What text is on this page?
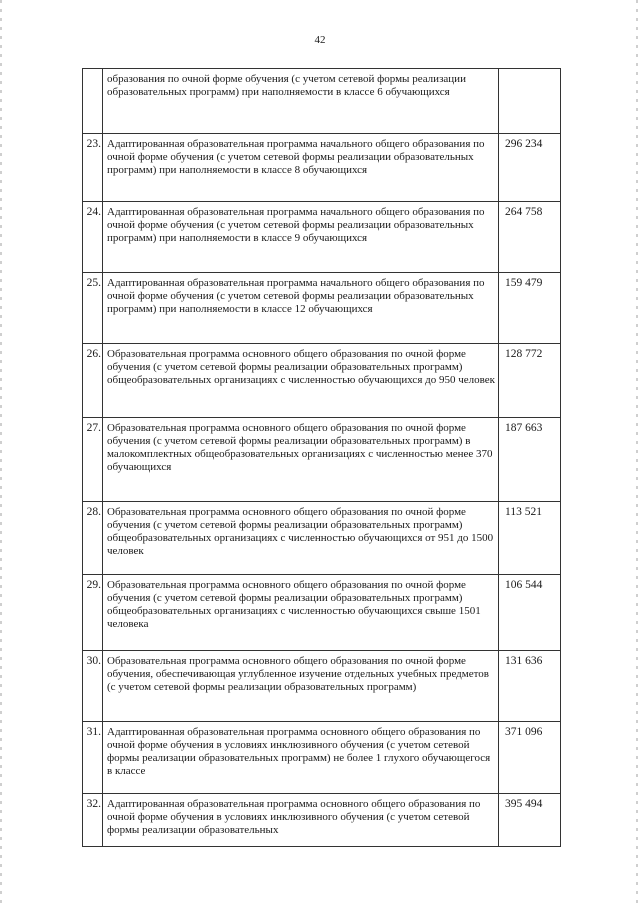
42
	образования по очной форме обучения (с учетом сетевой формы реализации образовательных программ) при наполняемости в классе 6 обучающихся	
23.	Адаптированная образовательная программа начального общего образования по очной форме обучения (с учетом сетевой формы реализации образовательных программ) при наполняемости в классе 8 обучающихся	296 234
24.	Адаптированная образовательная программа начального общего образования по очной форме обучения (с учетом сетевой формы реализации образовательных программ) при наполняемости в классе 9 обучающихся	264 758
25.	Адаптированная образовательная программа начального общего образования по очной форме обучения (с учетом сетевой формы реализации образовательных программ) при наполняемости в классе 12 обучающихся	159 479
26.	Образовательная программа основного общего образования по очной форме обучения (с учетом сетевой формы реализации образовательных программ) общеобразовательных организациях с численностью обучающихся до 950 человек	128 772
27.	Образовательная программа основного общего образования по очной форме обучения (с учетом сетевой формы реализации образовательных программ) в малокомплектных общеобразовательных организациях с численностью менее 370 обучающихся	187 663
28.	Образовательная программа основного общего образования по очной форме обучения (с учетом сетевой формы реализации образовательных программ) общеобразовательных организациях с численностью обучающихся от 951 до 1500 человек	113 521
29.	Образовательная программа основного общего образования по очной форме обучения (с учетом сетевой формы реализации образовательных программ) общеобразовательных организациях с численностью обучающихся свыше 1501 человека	106 544
30.	Образовательная программа основного общего образования по очной форме обучения, обеспечивающая углубленное изучение отдельных учебных предметов (с учетом сетевой формы реализации образовательных программ)	131 636
31.	Адаптированная образовательная программа основного общего образования по очной форме обучения в условиях инклюзивного обучения (с учетом сетевой формы реализации образовательных программ) не более 1 глухого обучающегося в классе	371 096
32.	Адаптированная образовательная программа основного общего образования по очной форме обучения в условиях инклюзивного обучения (с учетом сетевой формы реализации образовательных	395 494
